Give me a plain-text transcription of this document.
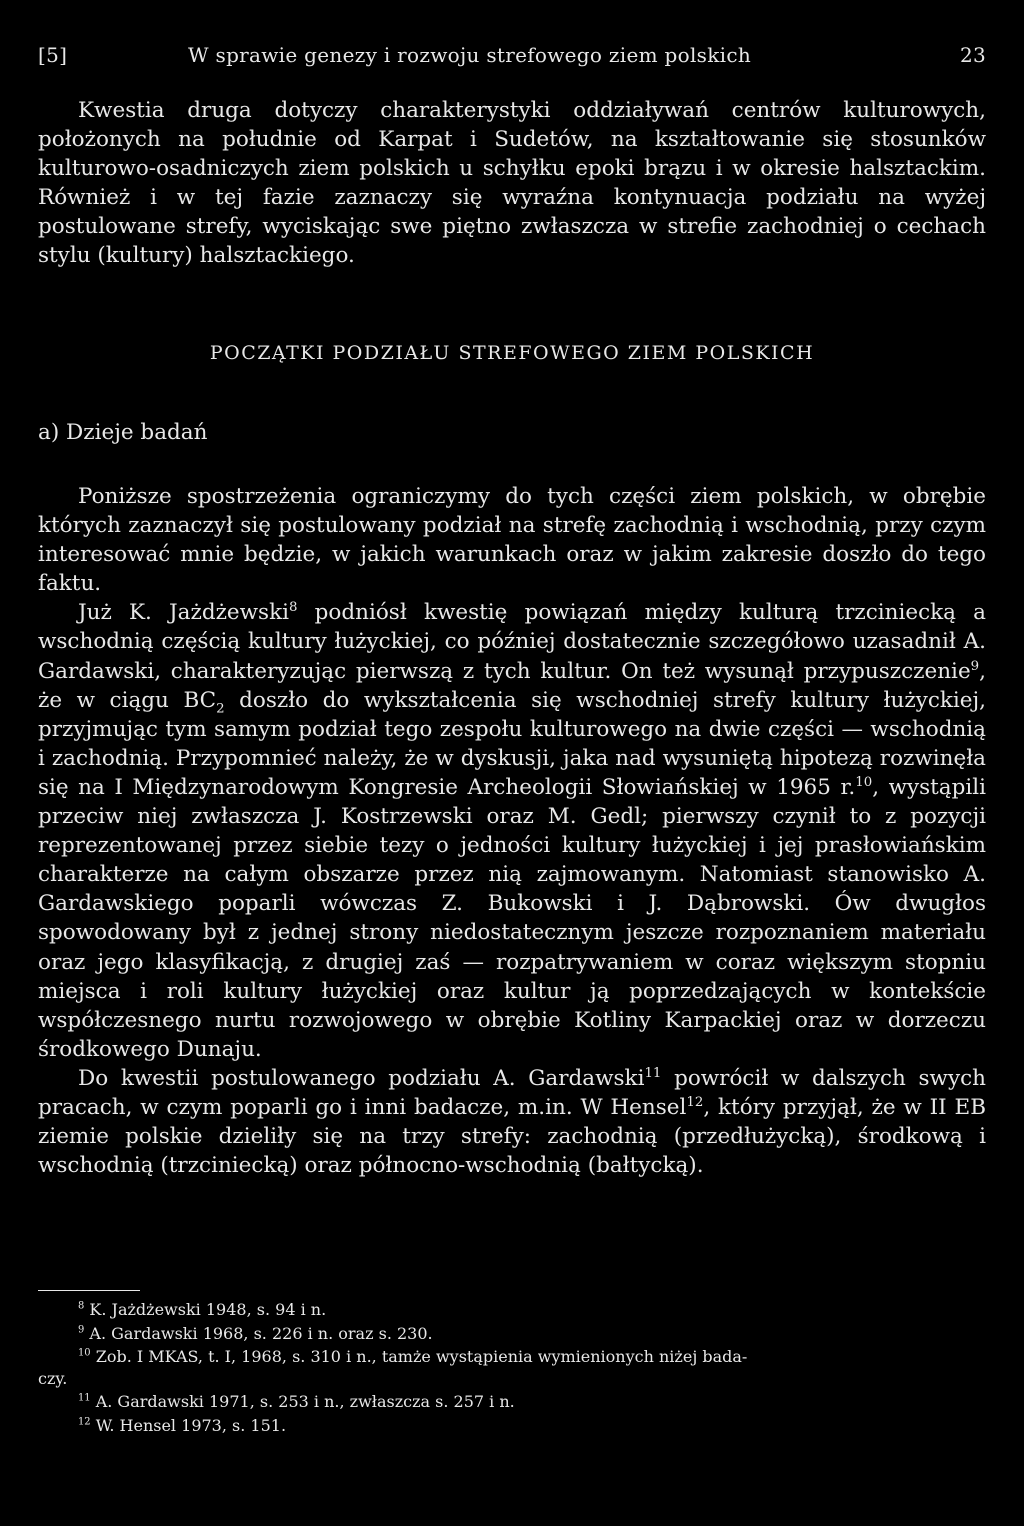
[5]	W sprawie genezy i rozwoju strefowego ziem polskich	23

Kwestia druga dotyczy charakterystyki oddziaływań centrów kulturowych, położonych na południe od Karpat i Sudetów, na kształtowanie się stosunków kulturowo-osadniczych ziem polskich u schyłku epoki brązu i w okresie halsztackim. Również i w tej fazie zaznaczy się wyraźna kontynuacja podziału na wyżej postulowane strefy, wyciskając swe piętno zwłaszcza w strefie zachodniej o cechach stylu (kultury) halsztackiego.

POCZĄTKI PODZIAŁU STREFOWEGO ZIEM POLSKICH
a) Dzieje badań

Poniższe spostrzeżenia ograniczymy do tych części ziem polskich, w obrębie których zaznaczył się postulowany podział na strefę zachodnią i wschodnią, przy czym interesować mnie będzie, w jakich warunkach oraz w jakim zakresie doszło do tego faktu.

Już K. Jażdżewski$^8$ podniósł kwestię powiązań między kulturą trzciniecką a wschodnią częścią kultury łużyckiej, co później dostatecznie szczegółowo uzasadnił A. Gardawski, charakteryzując pierwszą z tych kultur. On też wysunął przypuszczenie$^9$, że w ciągu $BC_2$ doszło do wykształcenia się wschodniej strefy kultury łużyckiej, przyjmując tym samym podział tego zespołu kulturowego na dwie części — wschodnią i zachodnią. Przypomnieć należy, że w dyskusji, jaka nad wysuniętą hipotezą rozwinęła się na I Międzynarodowym Kongresie Archeologii Słowiańskiej w 1965 r.$^{10}$, wystąpili przeciw niej zwłaszcza J. Kostrzewski oraz M. Gedl; pierwszy czynił to z pozycji reprezentowanej przez siebie tezy o jedności kultury łużyckiej i jej prasłowiańskim charakterze na całym obszarze przez nią zajmowanym. Natomiast stanowisko A. Gardawskiego poparli wówczas Z. Bukowski i J. Dąbrowski. Ów dwugłos spowodowany był z jednej strony niedostatecznym jeszcze rozpoznaniem materiału oraz jego klasyfikacją, z drugiej zaś — rozpatrywaniem w coraz większym stopniu miejsca i roli kultury łużyckiej oraz kultur ją poprzedzających w kontekście współczesnego nurtu rozwojowego w obrębie Kotliny Karpackiej oraz w dorzeczu środkowego Dunaju.

Do kwestii postulowanego podziału A. Gardawski$^{11}$ powrócił w dalszych swych pracach, w czym poparli go i inni badacze, m.in. W Hensel$^{12}$, który przyjął, że w II EB ziemie polskie dzieliły się na trzy strefy: zachodnią (przedłużycką), środkową i wschodnią (trzciniecką) oraz północno-wschodnią (bałtycką).

$^8$ K. Jażdżewski 1948, s. 94 i n.

$^9$ A. Gardawski 1968, s. 226 i n. oraz s. 230.

$^{10}$ Zob. I MKAS, t. I, 1968, s. 310 i n., tamże wystąpienia wymienionych niżej bada-

czy.

$^{11}$ A. Gardawski 1971, s. 253 i n., zwłaszcza s. 257 i n.

$^{12}$ W. Hensel 1973, s. 151.
